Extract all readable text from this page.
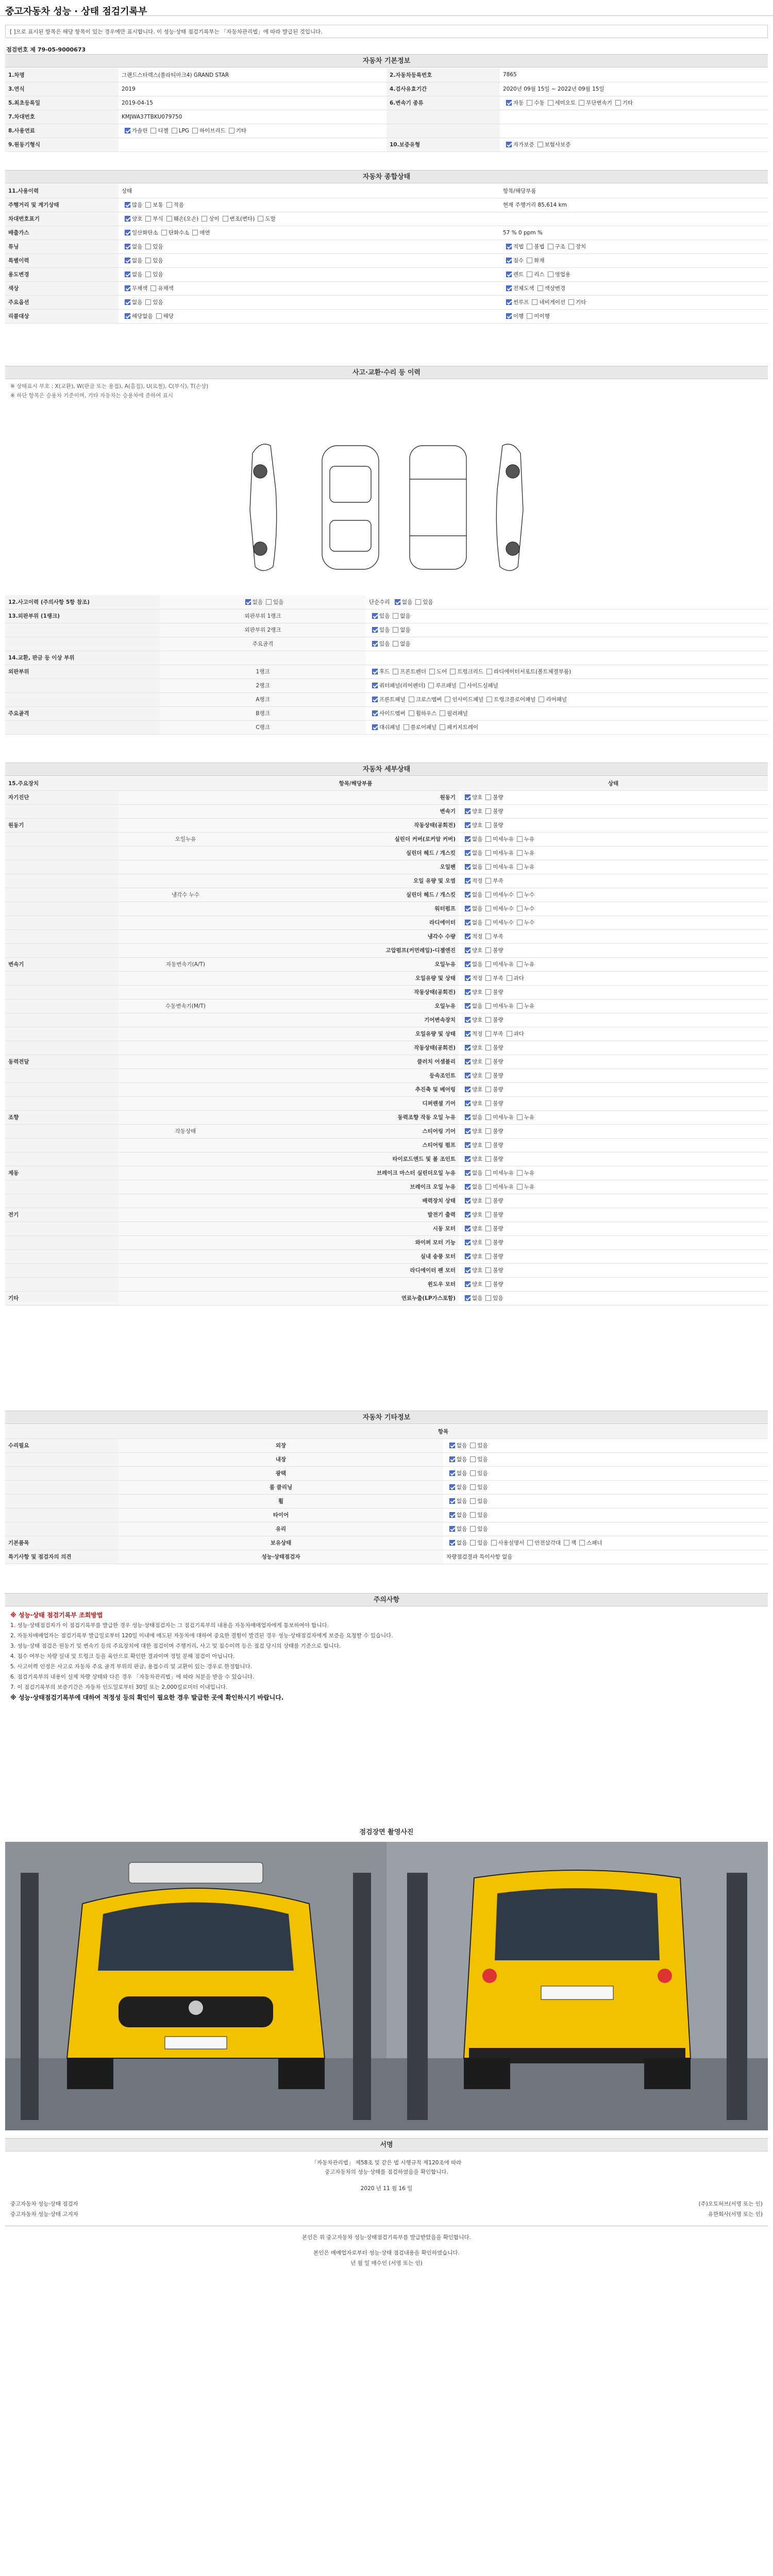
중고자동차 성능 · 상태 점검기록부
[ ]으로 표시된 항목은 해당 항목이 있는 경우에만 표시합니다. 이 성능·상태 점검기록부는 「자동차관리법」에 따라 발급된 것입니다.
점검번호 제 79-05-9000673
자동차 기본정보
1.차명	그랜드스타렉스(쏠라티마크4) GRAND STAR	2.자동차등록번호	7865
3.연식	2019	4.검사유효기간	2020년 09월 15일 ~ 2022년 09월 15일
5.최초등록일	2019-04-15	6.변속기 종류	자동 수동 세미오토 무단변속기 기타
7.차대번호	KMJWA37TBKU079750		
8.사용연료	가솔린 디젤 LPG 하이브리드 기타		
9.원동기형식		10.보증유형	자가보증 보험사보증
자동차 종합상태
11.사용이력	상태	항목/해당부품
주행거리 및 계기상태	많음 보통 적음	현재 주행거리 85,614 km
차대번호표기	양호 부식 훼손(오손) 상이 변조(변타) 도말	
배출가스	일산화탄소 탄화수소 매연	57 % 0 ppm %
튜닝	없음 있음	적법 불법 구조 장치
특별이력	없음 있음	침수 화재
용도변경	없음 있음	렌트 리스 영업용
색상	무채색 유채색	전체도색 색상변경
주요옵션	없음 있음	썬루프 네비게이션 기타
리콜대상	해당없음 해당	이행 미이행
사고·교환·수리 등 이력
※ 상태표시 부호 : X(교환), W(판금 또는 용접), A(흠집), U(요철), C(부식), T(손상)
※ 하단 항목은 승용차 기준이며, 기타 자동차는 승용차에 준하여 표시
12.사고이력 (주의사항 5항 참조)	없음 있음	단순수리 없음 있음
13.외판부위 (1랭크)	외판부위 1랭크	있음 없음
	외판부위 2랭크	있음 없음
	주요골격	있음 없음
14.교환, 판금 등 이상 부위		
외판부위	1랭크	후드 프론트펜더 도어 트렁크리드 라디에이터서포트(볼트체결부품)
	2랭크	쿼터패널(리어펜더) 루프패널 사이드실패널
	A랭크	프론트패널 크로스멤버 인사이드패널 트렁크플로어패널 리어패널
주요골격	B랭크	사이드멤버 휠하우스 필러패널
	C랭크	대쉬패널 플로어패널 패키지트레이
자동차 세부상태
15.주요장치		항목/해당부품	상태
자기진단		원동기	양호 불량
		변속기	양호 불량
원동기		작동상태(공회전)	양호 불량
	오일누유	실린더 커버(로커암 커버)	없음 미세누유 누유
		실린더 헤드 / 개스킷	없음 미세누유 누유
		오일팬	없음 미세누유 누유
		오일 유량 및 오염	적정 부족
	냉각수 누수	실린더 헤드 / 개스킷	없음 미세누수 누수
		워터펌프	없음 미세누수 누수
		라디에이터	없음 미세누수 누수
		냉각수 수량	적정 부족
		고압펌프(커먼레일)-디젤엔진	양호 불량
변속기	자동변속기(A/T)	오일누유	없음 미세누유 누유
		오일유량 및 상태	적정 부족 과다
		작동상태(공회전)	양호 불량
	수동변속기(M/T)	오일누유	없음 미세누유 누유
		기어변속장치	양호 불량
		오일유량 및 상태	적정 부족 과다
		작동상태(공회전)	양호 불량
동력전달		클러치 어셈블리	양호 불량
		등속조인트	양호 불량
		추진축 및 베어링	양호 불량
		디퍼렌셜 기어	양호 불량
조향		동력조향 작동 오일 누유	없음 미세누유 누유
	작동상태	스티어링 기어	양호 불량
		스티어링 펌프	양호 불량
		타이로드엔드 및 볼 조인트	양호 불량
제동		브레이크 마스터 실린더오일 누유	없음 미세누유 누유
		브레이크 오일 누유	없음 미세누유 누유
		배력장치 상태	양호 불량
전기		발전기 출력	양호 불량
		시동 모터	양호 불량
		와이퍼 모터 기능	양호 불량
		실내 송풍 모터	양호 불량
		라디에이터 팬 모터	양호 불량
		윈도우 모터	양호 불량
기타		연료누출(LP가스포함)	없음 있음
자동차 기타정보
	항목	
수리필요	외장	없음 있음
	내장	없음 있음
	광택	없음 있음
	룸 클리닝	없음 있음
	휠	없음 있음
	타이어	없음 있음
	유리	없음 있음
기본품목	보유상태	없음 있음 사용설명서 안전삼각대 잭 스패너
특기사항 및 점검자의 의견	성능·상태점검자	차량점검결과 특이사항 없음
주의사항
※ 성능·상태 점검기록부 조회방법
1. 성능·상태점검자가 이 점검기록부를 발급한 경우 성능·상태점검자는 그 점검기록부의 내용을 자동차매매업자에게 통보하여야 합니다.
2. 자동차매매업자는 점검기록부 발급일로부터 120일 이내에 매도된 자동차에 대하여 중요한 결함이 발견된 경우 성능·상태점검자에게 보증을 요청할 수 있습니다.
3. 성능·상태 점검은 원동기 및 변속기 등의 주요장치에 대한 점검이며 주행거리, 사고 및 침수이력 등은 점검 당시의 상태를 기준으로 합니다.
4. 침수 여부는 차량 실내 및 트렁크 등을 육안으로 확인한 결과이며 정밀 분해 점검이 아닙니다.
5. 사고이력 인정은 사고로 자동차 주요 골격 부위의 판금, 용접수리 및 교환이 있는 경우로 한정합니다.
6. 점검기록부의 내용이 실제 차량 상태와 다른 경우 「자동차관리법」에 따라 처분을 받을 수 있습니다.
7. 이 점검기록부의 보증기간은 자동차 인도일로부터 30일 또는 2,000킬로미터 이내입니다.
※ 성능·상태점검기록부에 대하여 적정성 등의 확인이 필요한 경우 발급한 곳에 확인하시기 바랍니다.
점검장면 촬영사진
서명
「자동차관리법」 제58조 및 같은 법 시행규칙 제120조에 따라
중고자동차의 성능·상태를 점검하였음을 확인합니다.
2020 년 11 월 16 일
중고자동차 성능·상태 점검자
중고자동차 성능·상태 고지자
(주)오토허브(서명 또는 인)
유한회사(서명 또는 인)
본인은 위 중고자동차 성능·상태점검기록부를 발급받았음을 확인합니다.
본인은 매매업자로부터 성능·상태 점검내용을 확인하였습니다.
년 월 일 매수인 (서명 또는 인)
